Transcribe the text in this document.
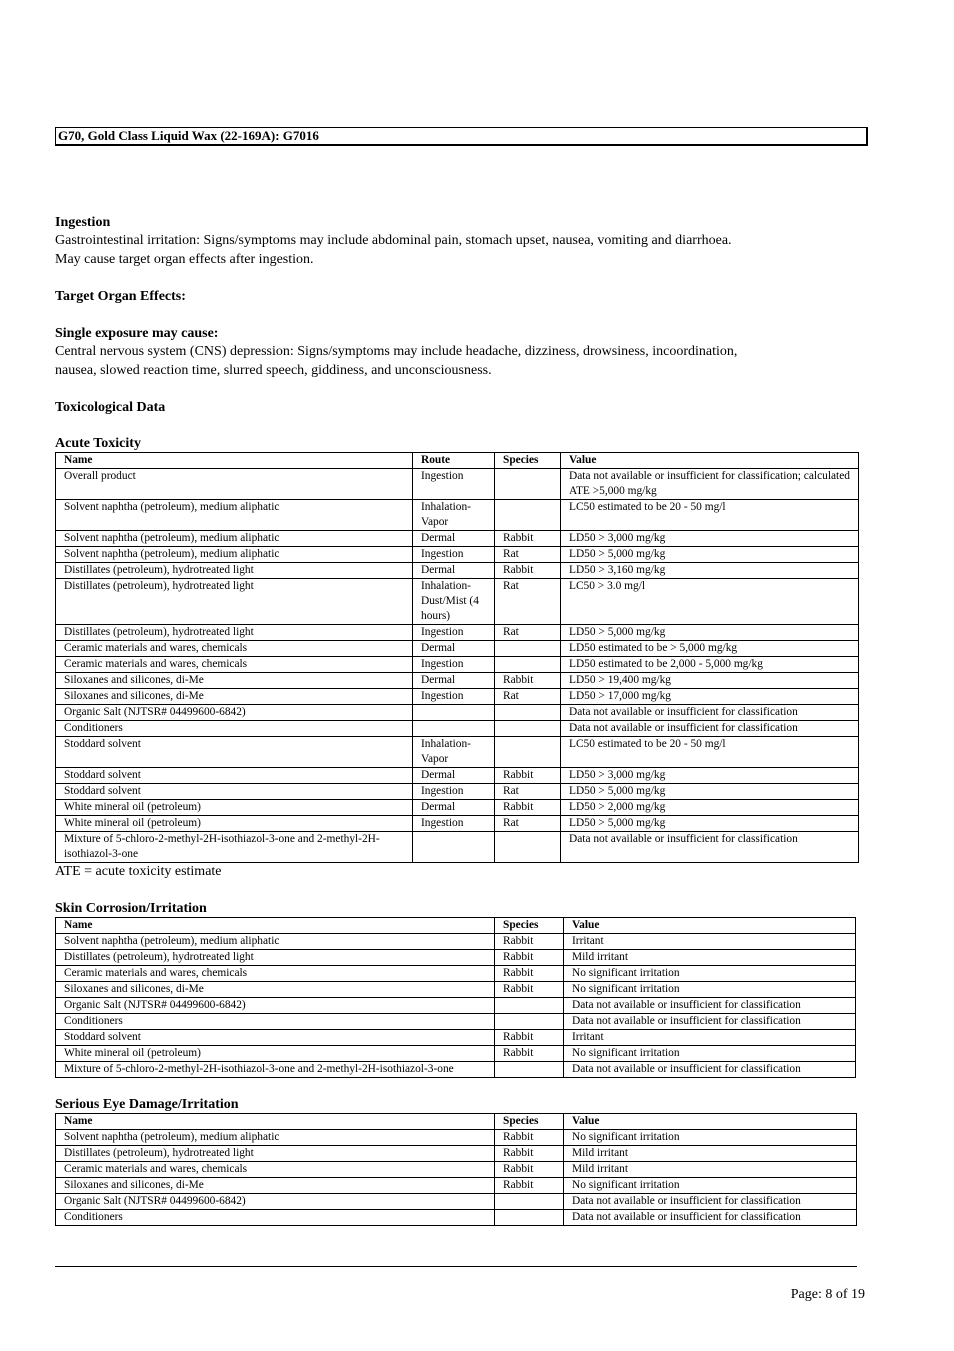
G70, Gold Class Liquid Wax (22-169A): G7016

Ingestion

Gastrointestinal irritation: Signs/symptoms may include abdominal pain, stomach upset, nausea, vomiting and diarrhoea.

May cause target organ effects after ingestion.

Target Organ Effects:

Single exposure may cause:

Central nervous system (CNS) depression: Signs/symptoms may include headache, dizziness, drowsiness, incoordination,

nausea, slowed reaction time, slurred speech, giddiness, and unconsciousness.

Toxicological Data

Acute Toxicity

Name	Route	Species	Value
Overall product	Ingestion		Data not available or insufficient for classification; calculated ATE >5,000 mg/kg
Solvent naphtha (petroleum), medium aliphatic	Inhalation-Vapor		LC50 estimated to be 20 - 50 mg/l
Solvent naphtha (petroleum), medium aliphatic	Dermal	Rabbit	LD50 > 3,000 mg/kg
Solvent naphtha (petroleum), medium aliphatic	Ingestion	Rat	LD50 > 5,000 mg/kg
Distillates (petroleum), hydrotreated light	Dermal	Rabbit	LD50 > 3,160 mg/kg
Distillates (petroleum), hydrotreated light	Inhalation-Dust/Mist (4 hours)	Rat	LC50 > 3.0 mg/l
Distillates (petroleum), hydrotreated light	Ingestion	Rat	LD50 > 5,000 mg/kg
Ceramic materials and wares, chemicals	Dermal		LD50 estimated to be > 5,000 mg/kg
Ceramic materials and wares, chemicals	Ingestion		LD50 estimated to be 2,000 - 5,000 mg/kg
Siloxanes and silicones, di-Me	Dermal	Rabbit	LD50 > 19,400 mg/kg
Siloxanes and silicones, di-Me	Ingestion	Rat	LD50 > 17,000 mg/kg
Organic Salt (NJTSR# 04499600-6842)			Data not available or insufficient for classification
Conditioners			Data not available or insufficient for classification
Stoddard solvent	Inhalation-Vapor		LC50 estimated to be 20 - 50 mg/l
Stoddard solvent	Dermal	Rabbit	LD50 > 3,000 mg/kg
Stoddard solvent	Ingestion	Rat	LD50 > 5,000 mg/kg
White mineral oil (petroleum)	Dermal	Rabbit	LD50 > 2,000 mg/kg
White mineral oil (petroleum)	Ingestion	Rat	LD50 > 5,000 mg/kg
Mixture of 5-chloro-2-methyl-2H-isothiazol-3-one and 2-methyl-2H-isothiazol-3-one			Data not available or insufficient for classification

ATE = acute toxicity estimate

Skin Corrosion/Irritation

Name	Species	Value
Solvent naphtha (petroleum), medium aliphatic	Rabbit	Irritant
Distillates (petroleum), hydrotreated light	Rabbit	Mild irritant
Ceramic materials and wares, chemicals	Rabbit	No significant irritation
Siloxanes and silicones, di-Me	Rabbit	No significant irritation
Organic Salt (NJTSR# 04499600-6842)		Data not available or insufficient for classification
Conditioners		Data not available or insufficient for classification
Stoddard solvent	Rabbit	Irritant
White mineral oil (petroleum)	Rabbit	No significant irritation
Mixture of 5-chloro-2-methyl-2H-isothiazol-3-one and 2-methyl-2H-isothiazol-3-one		Data not available or insufficient for classification

Serious Eye Damage/Irritation

Name	Species	Value
Solvent naphtha (petroleum), medium aliphatic	Rabbit	No significant irritation
Distillates (petroleum), hydrotreated light	Rabbit	Mild irritant
Ceramic materials and wares, chemicals	Rabbit	Mild irritant
Siloxanes and silicones, di-Me	Rabbit	No significant irritation
Organic Salt (NJTSR# 04499600-6842)		Data not available or insufficient for classification
Conditioners		Data not available or insufficient for classification
Page: 8 of 19
